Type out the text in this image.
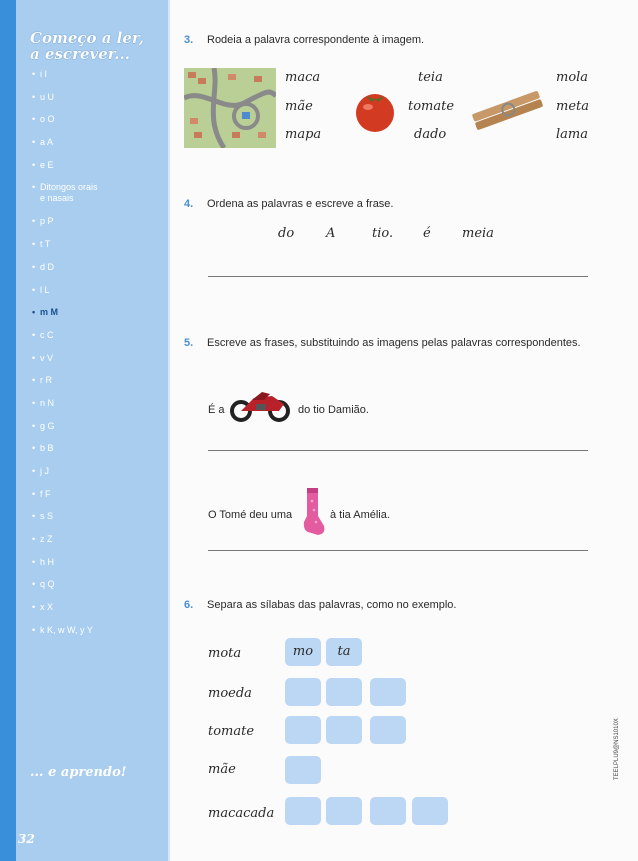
Começo a ler,
a escrever...
• i I
• u U
• o O
• a A
• e E
• Ditongos orais
e nasais
• p P
• t T
• d D
• l L
• m M
• c C
• v V
• r R
• n N
• g G
• b B
• j J
• f F
• s S
• z Z
• h H
• q Q
• x X
• k K, w W, y Y
... e aprendo!
32
3. Rodeia a palavra correspondente à imagem.
maca
mãe
mapa
teia
tomate
dado
mola
meta
lama
4. Ordena as palavras e escreve a frase.
do A	tio. é meia
5. Escreve as frases, substituindo as imagens pelas palavras correspondentes.
É a	do tio Damião.
O Tomé deu uma	à tia Amélia.
6. Separa as sílabas das palavras, como no exemplo.
mota	mo	ta
moeda
tomate
mãe
macacada
TEELPLU9@NS1010X
